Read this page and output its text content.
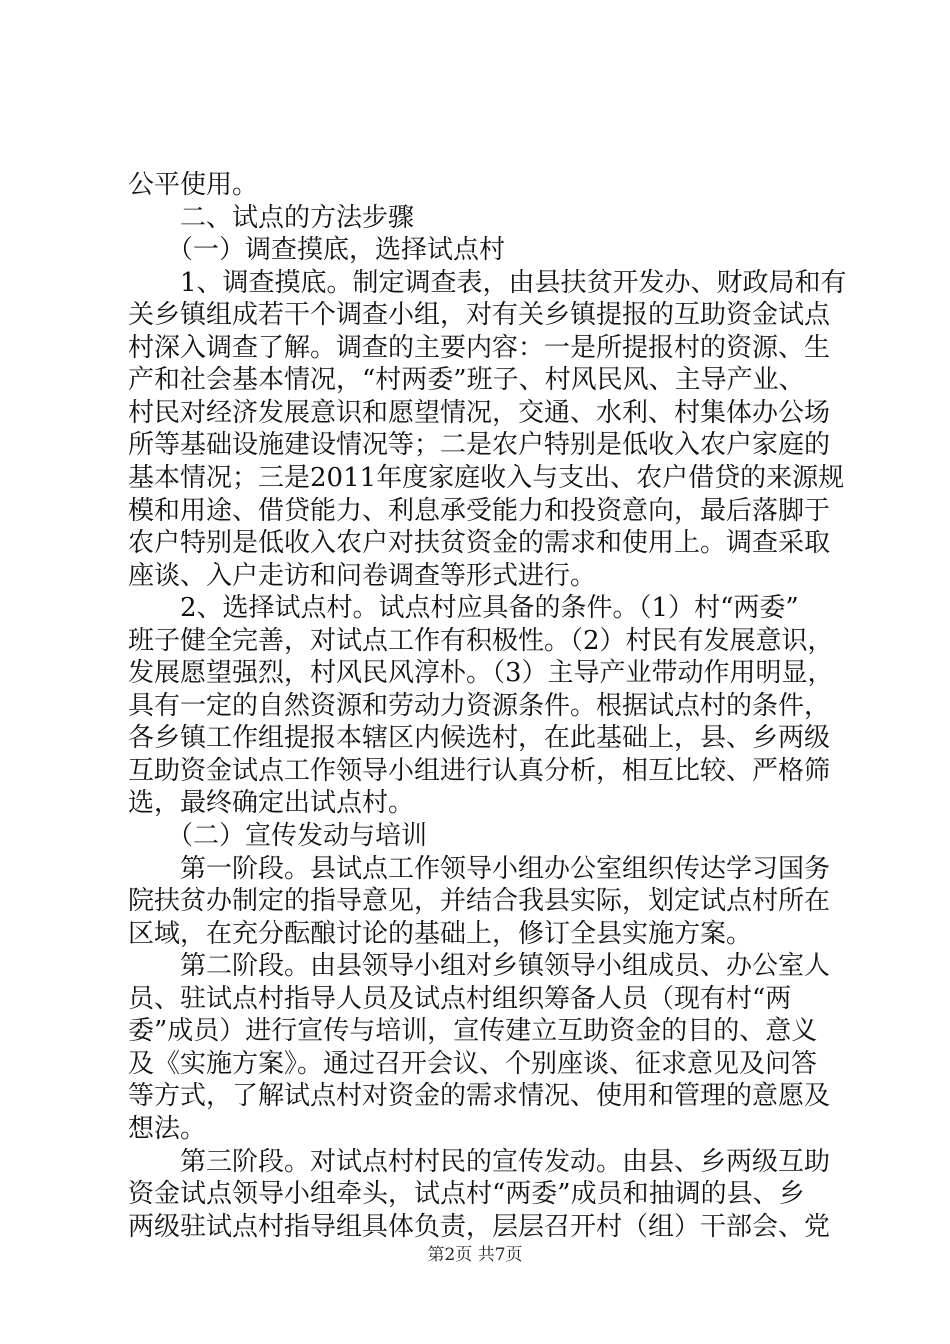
公平使用。
　　二、试点的方法步骤
　　（一）调查摸底，选择试点村
　　1、调查摸底。制定调查表，由县扶贫开发办、财政局和有
关乡镇组成若干个调查小组，对有关乡镇提报的互助资金试点
村深入调查了解。调查的主要内容：一是所提报村的资源、生
产和社会基本情况，“村两委”班子、村风民风、主导产业、
村民对经济发展意识和愿望情况，交通、水利、村集体办公场
所等基础设施建设情况等；二是农户特别是低收入农户家庭的
基本情况；三是2011年度家庭收入与支出、农户借贷的来源规
模和用途、借贷能力、利息承受能力和投资意向，最后落脚于
农户特别是低收入农户对扶贫资金的需求和使用上。调查采取
座谈、入户走访和问卷调查等形式进行。
　　2、选择试点村。试点村应具备的条件。（1）村“两委”
班子健全完善，对试点工作有积极性。（2）村民有发展意识，
发展愿望强烈，村风民风淳朴。（3）主导产业带动作用明显，
具有一定的自然资源和劳动力资源条件。根据试点村的条件，
各乡镇工作组提报本辖区内候选村，在此基础上，县、乡两级
互助资金试点工作领导小组进行认真分析，相互比较、严格筛
选，最终确定出试点村。
　　（二）宣传发动与培训
　　第一阶段。县试点工作领导小组办公室组织传达学习国务
院扶贫办制定的指导意见，并结合我县实际，划定试点村所在
区域，在充分酝酿讨论的基础上，修订全县实施方案。
　　第二阶段。由县领导小组对乡镇领导小组成员、办公室人
员、驻试点村指导人员及试点村组织筹备人员（现有村“两
委”成员）进行宣传与培训，宣传建立互助资金的目的、意义
及《实施方案》。通过召开会议、个别座谈、征求意见及问答
等方式，了解试点村对资金的需求情况、使用和管理的意愿及
想法。
　　第三阶段。对试点村村民的宣传发动。由县、乡两级互助
资金试点领导小组牵头，试点村“两委”成员和抽调的县、乡
两级驻试点村指导组具体负责，层层召开村（组）干部会、党
第2页 共7页
